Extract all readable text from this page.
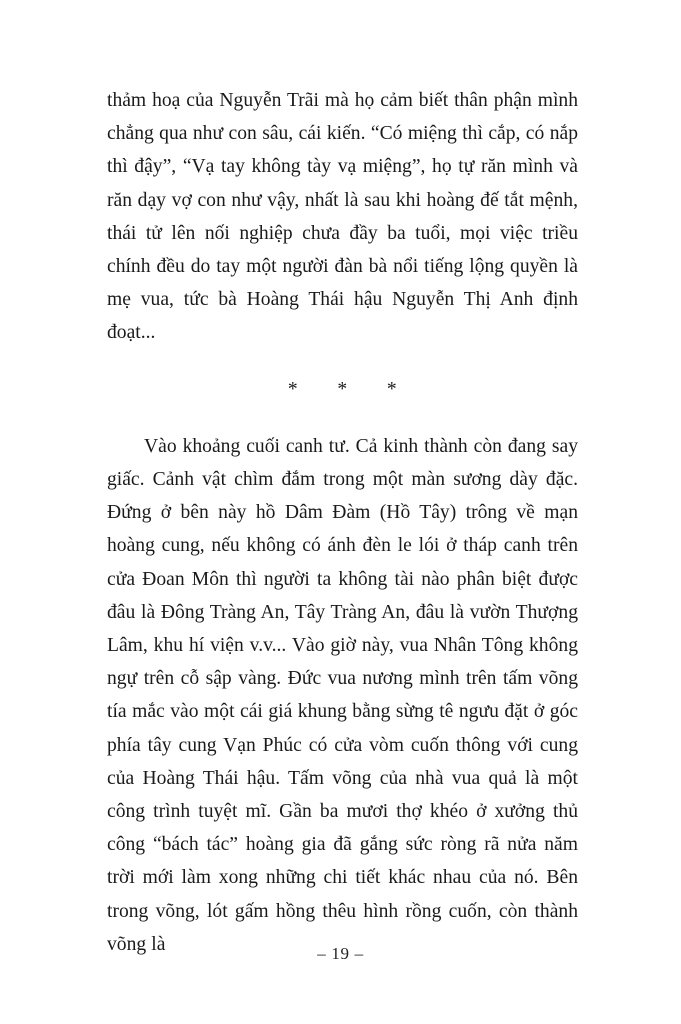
thảm hoạ của Nguyễn Trãi mà họ cảm biết thân phận mình chẳng qua như con sâu, cái kiến. “Có miệng thì cắp, có nắp thì đậy”, “Vạ tay không tày vạ miệng”, họ tự răn mình và răn dạy vợ con như vậy, nhất là sau khi hoàng đế tắt mệnh, thái tử lên nối nghiệp chưa đầy ba tuổi, mọi việc triều chính đều do tay một người đàn bà nổi tiếng lộng quyền là mẹ vua, tức bà Hoàng Thái hậu Nguyễn Thị Anh định đoạt...

* * *

Vào khoảng cuối canh tư. Cả kinh thành còn đang say giấc. Cảnh vật chìm đắm trong một màn sương dày đặc. Đứng ở bên này hồ Dâm Đàm (Hồ Tây) trông về mạn hoàng cung, nếu không có ánh đèn le lói ở tháp canh trên cửa Đoan Môn thì người ta không tài nào phân biệt được đâu là Đông Tràng An, Tây Tràng An, đâu là vườn Thượng Lâm, khu hí viện v.v... Vào giờ này, vua Nhân Tông không ngự trên cỗ sập vàng. Đức vua nương mình trên tấm võng tía mắc vào một cái giá khung bằng sừng tê ngưu đặt ở góc phía tây cung Vạn Phúc có cửa vòm cuốn thông với cung của Hoàng Thái hậu. Tấm võng của nhà vua quả là một công trình tuyệt mĩ. Gần ba mươi thợ khéo ở xưởng thủ công “bách tác” hoàng gia đã gắng sức ròng rã nửa năm trời mới làm xong những chi tiết khác nhau của nó. Bên trong võng, lót gấm hồng thêu hình rồng cuốn, còn thành võng là	– 19 –
